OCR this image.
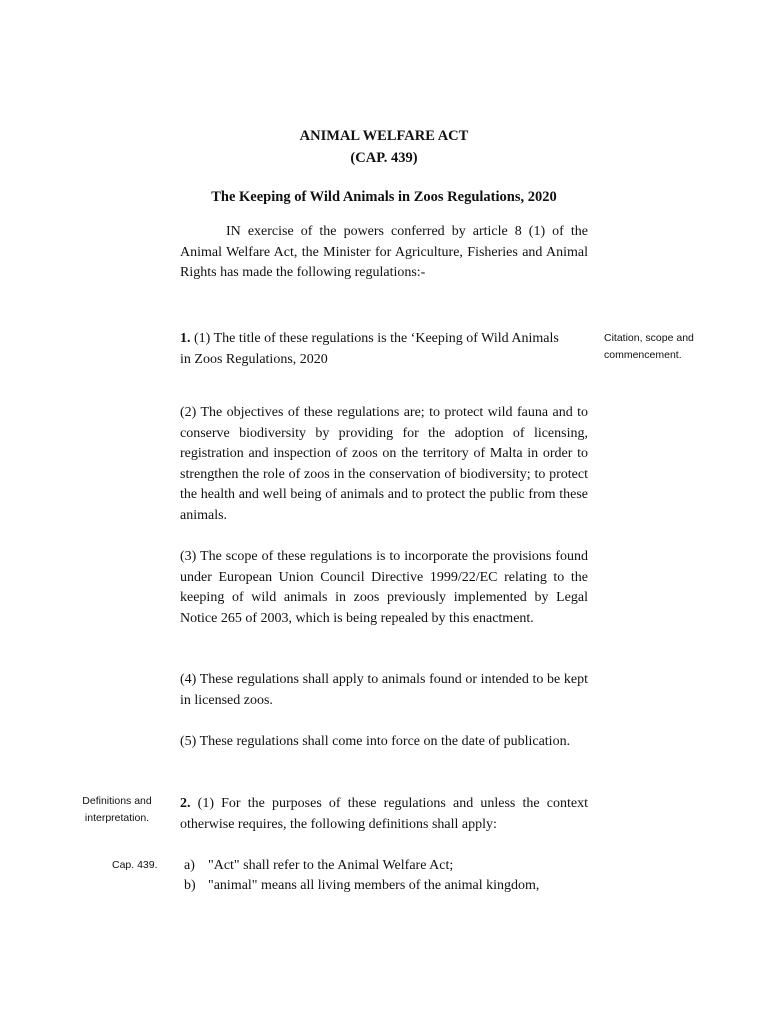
ANIMAL WELFARE ACT
(CAP. 439)
The Keeping of Wild Animals in Zoos Regulations, 2020
IN exercise of the powers conferred by article 8 (1) of the Animal Welfare Act, the Minister for Agriculture, Fisheries and Animal Rights has made the following regulations:-
1. (1) The title of these regulations is the ‘Keeping of Wild Animals in Zoos Regulations, 2020
Citation, scope and commencement.
(2) The objectives of these regulations are; to protect wild fauna and to conserve biodiversity by providing for the adoption of licensing, registration and inspection of zoos on the territory of Malta in order to strengthen the role of zoos in the conservation of biodiversity; to protect the health and well being of animals and to protect the public from these animals.
(3) The scope of these regulations is to incorporate the provisions found under European Union Council Directive 1999/22/EC relating to the keeping of wild animals in zoos previously implemented by Legal Notice 265 of 2003, which is being repealed by this enactment.
(4) These regulations shall apply to animals found or intended to be kept in licensed zoos.
(5) These regulations shall come into force on the date of publication.
Definitions and interpretation.
2. (1) For the purposes of these regulations and unless the context otherwise requires, the following definitions shall apply:
Cap. 439. a) "Act" shall refer to the Animal Welfare Act;
b) "animal" means all living members of the animal kingdom,
